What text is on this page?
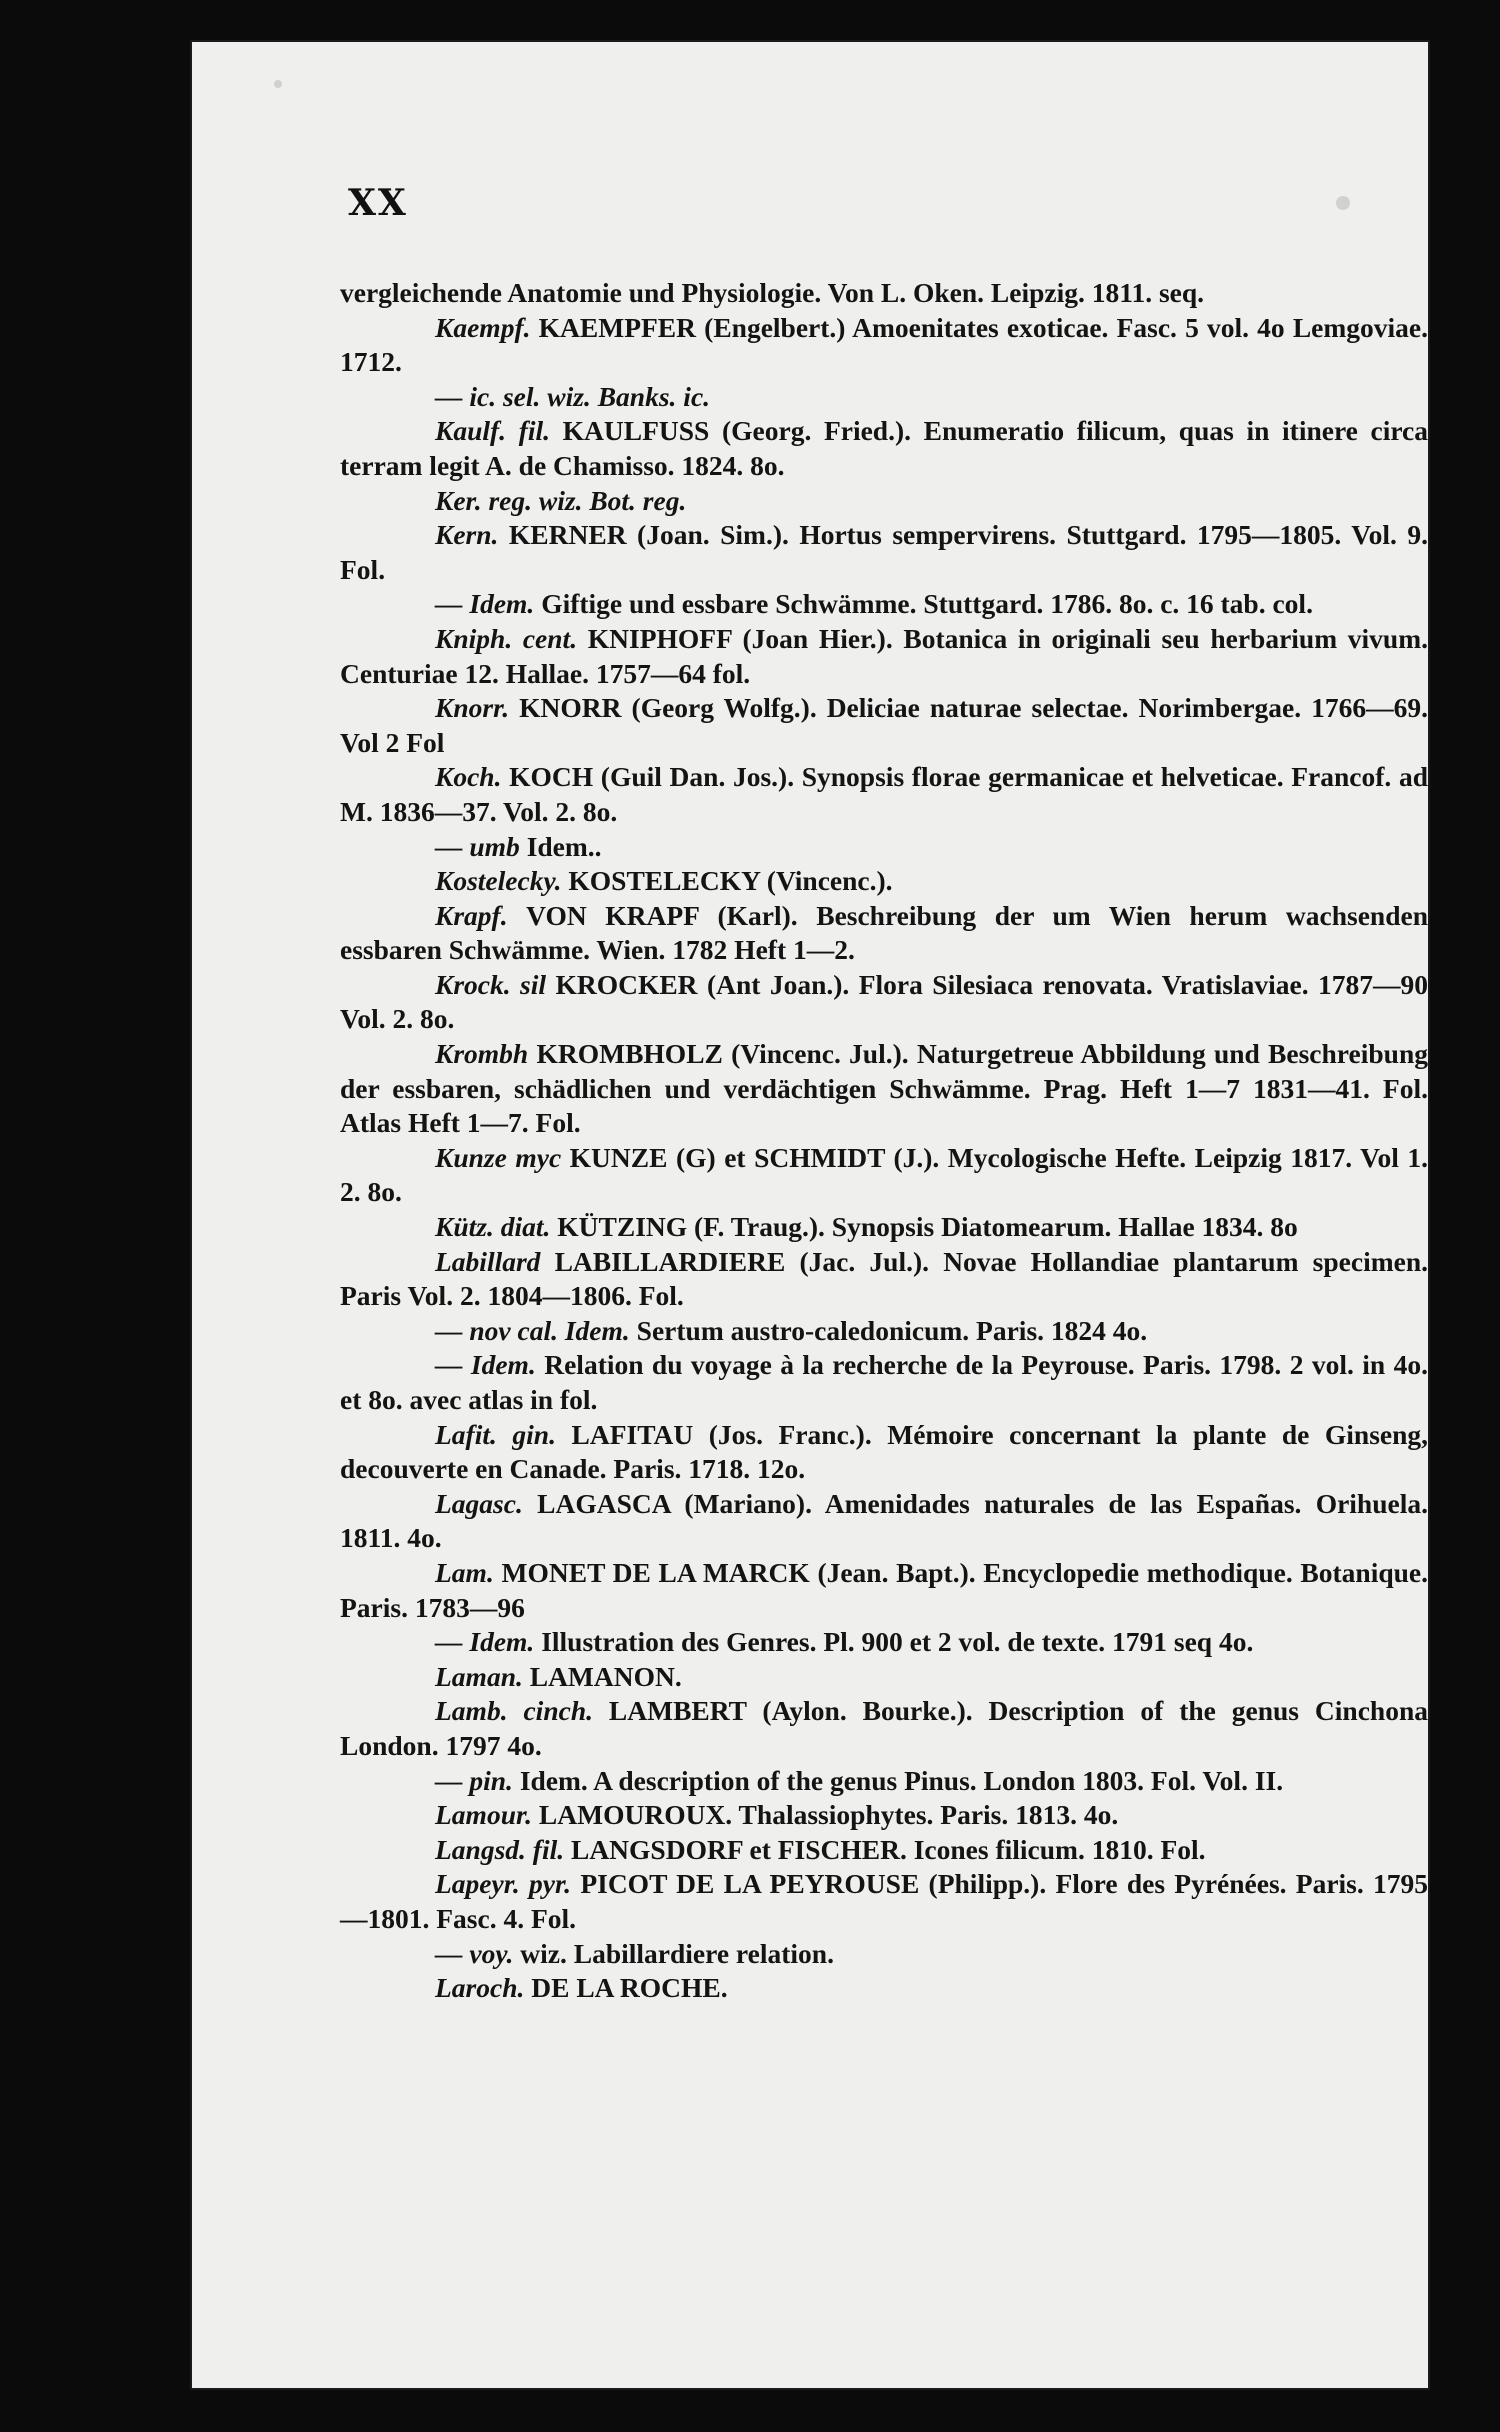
XX

vergleichende Anatomie und Physiologie. Von L. Oken. Leipzig. 1811. seq.

Kaempf. KAEMPFER (Engelbert.) Amoenitates exoticae. Fasc. 5 vol. 4o Lemgoviae. 1712.

— ic. sel. wiz. Banks. ic.

Kaulf. fil. KAULFUSS (Georg. Fried.). Enumeratio filicum, quas in itinere circa terram legit A. de Chamisso. 1824. 8o.

Ker. reg. wiz. Bot. reg.

Kern. KERNER (Joan. Sim.). Hortus sempervirens. Stuttgard. 1795—1805. Vol. 9. Fol.

— Idem. Giftige und essbare Schwämme. Stuttgard. 1786. 8o. c. 16 tab. col.

Kniph. cent. KNIPHOFF (Joan Hier.). Botanica in originali seu herbarium vivum. Centuriae 12. Hallae. 1757—64 fol.

Knorr. KNORR (Georg Wolfg.). Deliciae naturae selectae. Norimbergae. 1766—69. Vol 2 Fol

Koch. KOCH (Guil Dan. Jos.). Synopsis florae germanicae et helveticae. Francof. ad M. 1836—37. Vol. 2. 8o.

— umb Idem..

Kostelecky. KOSTELECKY (Vincenc.).

Krapf. VON KRAPF (Karl). Beschreibung der um Wien herum wachsenden essbaren Schwämme. Wien. 1782 Heft 1—2.

Krock. sil KROCKER (Ant Joan.). Flora Silesiaca renovata. Vratislaviae. 1787—90 Vol. 2. 8o.

Krombh KROMBHOLZ (Vincenc. Jul.). Naturgetreue Abbildung und Beschreibung der essbaren, schädlichen und verdächtigen Schwämme. Prag. Heft 1—7 1831—41. Fol. Atlas Heft 1—7. Fol.

Kunze myc KUNZE (G) et SCHMIDT (J.). Mycologische Hefte. Leipzig 1817. Vol 1. 2. 8o.

Kütz. diat. KÜTZING (F. Traug.). Synopsis Diatomearum. Hallae 1834. 8o

Labillard LABILLARDIERE (Jac. Jul.). Novae Hollandiae plantarum specimen. Paris Vol. 2. 1804—1806. Fol.

— nov cal. Idem. Sertum austro-caledonicum. Paris. 1824 4o.

— Idem. Relation du voyage à la recherche de la Peyrouse. Paris. 1798. 2 vol. in 4o. et 8o. avec atlas in fol.

Lafit. gin. LAFITAU (Jos. Franc.). Mémoire concernant la plante de Ginseng, decouverte en Canade. Paris. 1718. 12o.

Lagasc. LAGASCA (Mariano). Amenidades naturales de las Españas. Orihuela. 1811. 4o.

Lam. MONET DE LA MARCK (Jean. Bapt.). Encyclopedie methodique. Botanique. Paris. 1783—96

— Idem. Illustration des Genres. Pl. 900 et 2 vol. de texte. 1791 seq 4o.

Laman. LAMANON.

Lamb. cinch. LAMBERT (Aylon. Bourke.). Description of the genus Cinchona London. 1797 4o.

— pin. Idem. A description of the genus Pinus. London 1803. Fol. Vol. II.

Lamour. LAMOUROUX. Thalassiophytes. Paris. 1813. 4o.

Langsd. fil. LANGSDORF et FISCHER. Icones filicum. 1810. Fol.

Lapeyr. pyr. PICOT DE LA PEYROUSE (Philipp.). Flore des Pyrénées. Paris. 1795—1801. Fasc. 4. Fol.

— voy. wiz. Labillardiere relation.

Laroch. DE LA ROCHE.
